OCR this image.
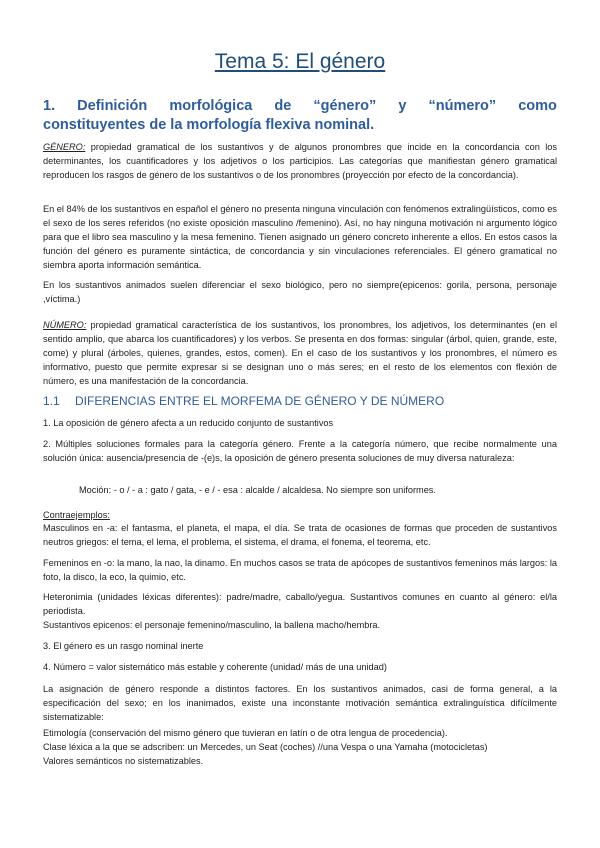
Tema 5: El género
1. Definición morfológica de “género” y “número” como
constituyentes de la morfología flexiva nominal.

GÉNERO: propiedad gramatical de los sustantivos y de algunos pronombres que incide en la concordancia con los determinantes, los cuantificadores y los adjetivos o los participios. Las categorías que manifiestan género gramatical reproducen los rasgos de género de los sustantivos o de los pronombres (proyección por efecto de la concordancia).

En el 84% de los sustantivos en español el género no presenta ninguna vinculación con fenómenos extralingüísticos, como es el sexo de los seres referidos (no existe oposición masculino /femenino). Así, no hay ninguna motivación ni argumento lógico para que el libro sea masculino y la mesa femenino. Tienen asignado un género concreto inherente a ellos. En estos casos la función del género es puramente sintáctica, de concordancia y sin vinculaciones referenciales. El género gramatical no siembra aporta información semántica.

En los sustantivos animados suelen diferenciar el sexo biológico, pero no siempre(epicenos: gorila, persona, personaje ,víctima.)

NÚMERO: propiedad gramatical característica de los sustantivos, los pronombres, los adjetivos, los determinantes (en el sentido amplio, que abarca los cuantificadores) y los verbos. Se presenta en dos formas: singular (árbol, quien, grande, este, come) y plural (árboles, quienes, grandes, estos, comen). En el caso de los sustantivos y los pronombres, el número es informativo, puesto que permite expresar si se designan uno o más seres; en el resto de los elementos con flexión de número, es una manifestación de la concordancia.

1.1 DIFERENCIAS ENTRE EL MORFEMA DE GÉNERO Y DE NÚMERO

1. La oposición de género afecta a un reducido conjunto de sustantivos

2. Múltiples soluciones formales para la categoría género. Frente a la categoría número, que recibe normalmente una solución única: ausencia/presencia de -(e)s, la oposición de género presenta soluciones de muy diversa naturaleza:

Moción: - o / - a : gato / gata, - e / - esa : alcalde / alcaldesa. No siempre son uniformes.

Contraejemplos:

Masculinos en -a: el fantasma, el planeta, el mapa, el día. Se trata de ocasiones de formas que proceden de sustantivos neutros griegos: el tema, el lema, el problema, el sistema, el drama, el fonema, el teorema, etc.

Femeninos en -o: la mano, la nao, la dinamo. En muchos casos se trata de apócopes de sustantivos femeninos más largos: la foto, la disco, la eco, la quimio, etc.

Heteronimia (unidades léxicas diferentes): padre/madre, caballo/yegua. Sustantivos comunes en cuanto al género: el/la periodista.

Sustantivos epicenos: el personaje femenino/masculino, la ballena macho/hembra.

3. El género es un rasgo nominal inerte

4. Número = valor sistemático más estable y coherente (unidad/ más de una unidad)

La asignación de género responde a distintos factores. En los sustantivos animados, casi de forma general, a la especificación del sexo; en los inanimados, existe una inconstante motivación semántica extralinguística difícilmente sistematizable:

Etimología (conservación del mismo género que tuvieran en latín o de otra lengua de procedencia).

Clase léxica a la que se adscriben: un Mercedes, un Seat (coches) //una Vespa o una Yamaha (motocicletas)

Valores semánticos no sistematizables.
